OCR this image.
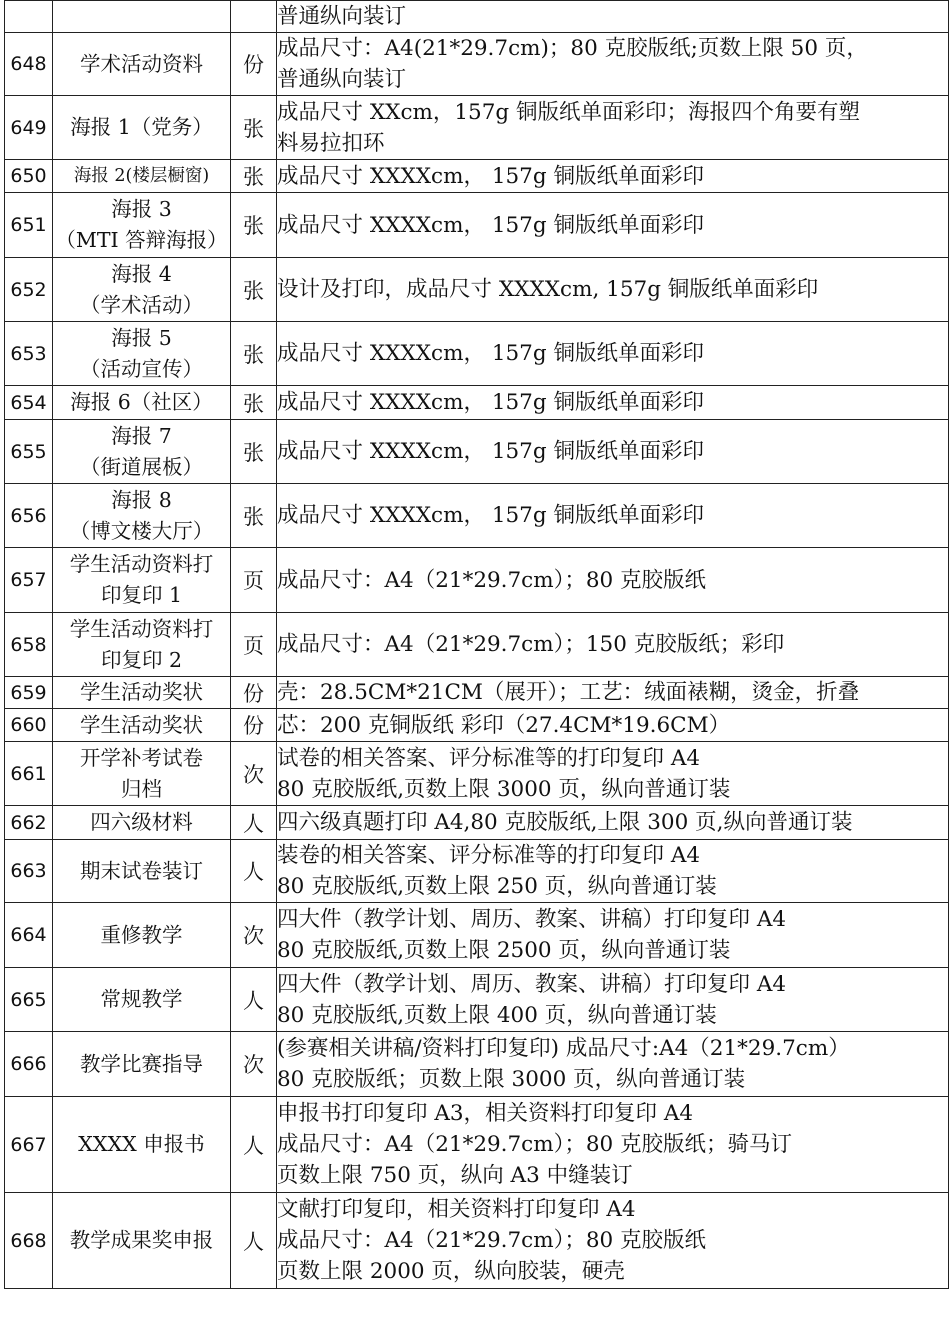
			普通纵向装订

648	学术活动资料	份	成品尺寸：A4(21*29.7cm)；80 克胶版纸;页数上限 50 页，
普通纵向装订

649	海报 1（党务）	张	成品尺寸 XXcm，157g 铜版纸单面彩印；海报四个角要有塑
料易拉扣环

650	海报 2(楼层橱窗)	张	成品尺寸 XXXXcm， 157g 铜版纸单面彩印

651	海报 3
（MTI 答辩海报）	张	成品尺寸 XXXXcm， 157g 铜版纸单面彩印

652	海报 4
（学术活动）	张	设计及打印，成品尺寸 XXXXcm, 157g 铜版纸单面彩印

653	海报 5
（活动宣传）	张	成品尺寸 XXXXcm， 157g 铜版纸单面彩印

654	海报 6（社区）	张	成品尺寸 XXXXcm， 157g 铜版纸单面彩印

655	海报 7
（街道展板）	张	成品尺寸 XXXXcm， 157g 铜版纸单面彩印

656	海报 8
（博文楼大厅）	张	成品尺寸 XXXXcm， 157g 铜版纸单面彩印

657	学生活动资料打
印复印 1	页	成品尺寸：A4（21*29.7cm）；80 克胶版纸

658	学生活动资料打
印复印 2	页	成品尺寸：A4（21*29.7cm）；150 克胶版纸；彩印

659	学生活动奖状	份	壳：28.5CM*21CM（展开）；工艺：绒面裱糊，烫金，折叠

660	学生活动奖状	份	芯：200 克铜版纸 彩印（27.4CM*19.6CM）

661	开学补考试卷
归档	次	试卷的相关答案、评分标准等的打印复印 A4
80 克胶版纸,页数上限 3000 页，纵向普通订装

662	四六级材料	人	四六级真题打印 A4,80 克胶版纸,上限 300 页,纵向普通订装

663	期末试卷装订	人	装卷的相关答案、评分标准等的打印复印 A4
80 克胶版纸,页数上限 250 页，纵向普通订装

664	重修教学	次	四大件（教学计划、周历、教案、讲稿）打印复印 A4
80 克胶版纸,页数上限 2500 页，纵向普通订装

665	常规教学	人	四大件（教学计划、周历、教案、讲稿）打印复印 A4
80 克胶版纸,页数上限 400 页，纵向普通订装

666	教学比赛指导	次	(参赛相关讲稿/资料打印复印) 成品尺寸:A4（21*29.7cm）
80 克胶版纸；页数上限 3000 页，纵向普通订装

667	XXXX 申报书	人	申报书打印复印 A3，相关资料打印复印 A4
成品尺寸：A4（21*29.7cm）；80 克胶版纸；骑马订
页数上限 750 页，纵向 A3 中缝装订

668	教学成果奖申报	人	文献打印复印，相关资料打印复印 A4
成品尺寸：A4（21*29.7cm）；80 克胶版纸
页数上限 2000 页，纵向胶装，硬壳
